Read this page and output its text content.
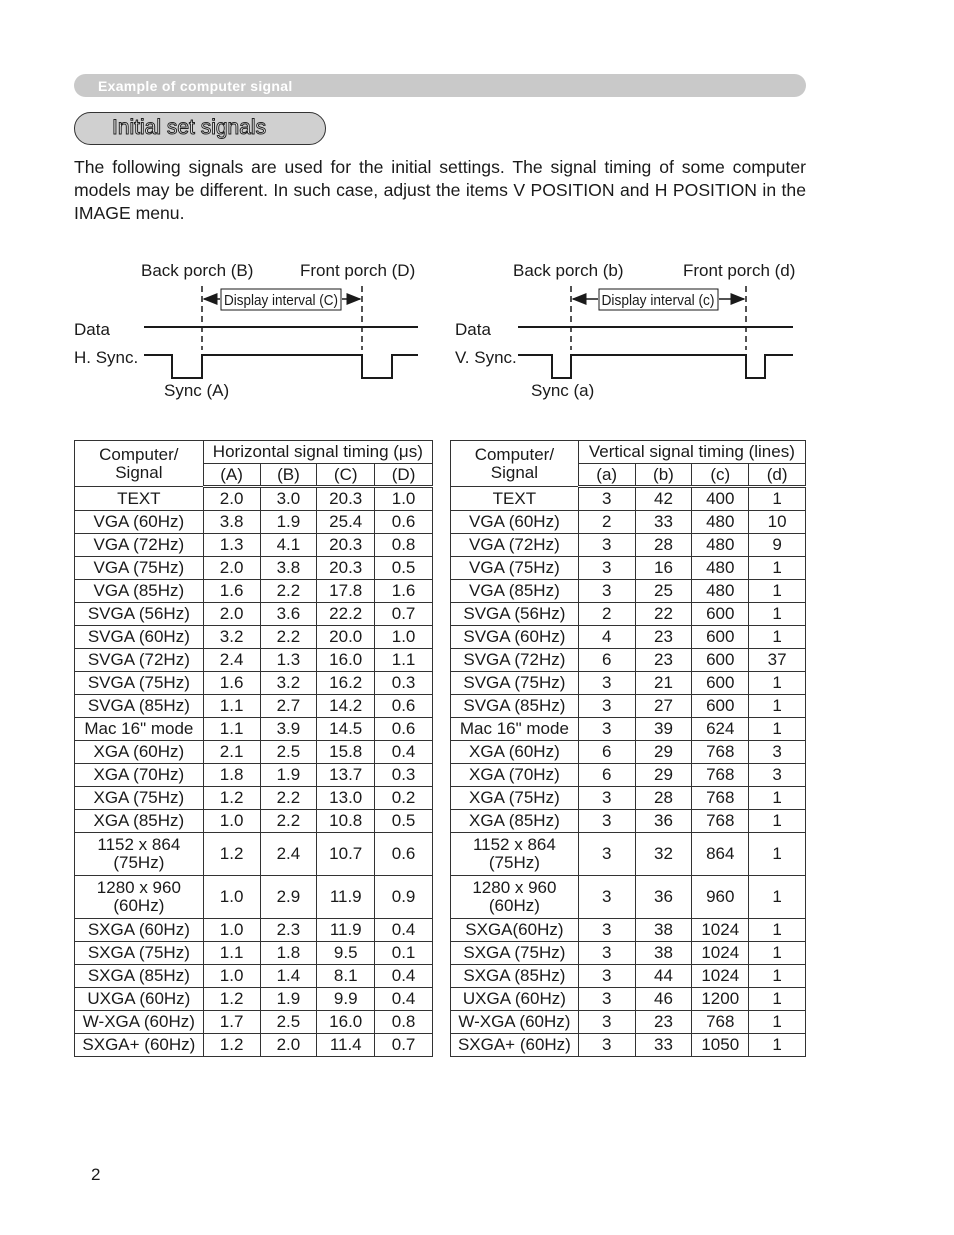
Example of computer signal
Initial set signals

The following signals are used for the initial settings. The signal timing of some computer models may be different. In such case, adjust the items V POSITION and H POSITION in the IMAGE menu.

Back porch (B)	Front porch (D)
Display interval (C)
Data
H. Sync.
Sync (A)
Back porch (b)	Front porch (d)
Display interval (c)
Data
V. Sync.
Sync (a)
Computer/
Signal	Horizontal signal timing (μs)			
	(A)	(B)	(C)	(D)

TEXT	2.0	3.0	20.3	1.0

VGA (60Hz)	3.8	1.9	25.4	0.6

VGA (72Hz)	1.3	4.1	20.3	0.8

VGA (75Hz)	2.0	3.8	20.3	0.5

VGA (85Hz)	1.6	2.2	17.8	1.6

SVGA (56Hz)	2.0	3.6	22.2	0.7

SVGA (60Hz)	3.2	2.2	20.0	1.0

SVGA (72Hz)	2.4	1.3	16.0	1.1

SVGA (75Hz)	1.6	3.2	16.2	0.3

SVGA (85Hz)	1.1	2.7	14.2	0.6

Mac 16" mode	1.1	3.9	14.5	0.6

XGA (60Hz)	2.1	2.5	15.8	0.4

XGA (70Hz)	1.8	1.9	13.7	0.3

XGA (75Hz)	1.2	2.2	13.0	0.2

XGA (85Hz)	1.0	2.2	10.8	0.5

1152 x 864
(75Hz)	1.2	2.4	10.7	0.6

1280 x 960
(60Hz)	1.0	2.9	11.9	0.9

SXGA (60Hz)	1.0	2.3	11.9	0.4

SXGA (75Hz)	1.1	1.8	9.5	0.1

SXGA (85Hz)	1.0	1.4	8.1	0.4

UXGA (60Hz)	1.2	1.9	9.9	0.4

W-XGA (60Hz)	1.7	2.5	16.0	0.8

SXGA+ (60Hz)	1.2	2.0	11.4	0.7
Computer/
Signal	Vertical signal timing (lines)			
	(a)	(b)	(c)	(d)

TEXT	3	42	400	1

VGA (60Hz)	2	33	480	10

VGA (72Hz)	3	28	480	9

VGA (75Hz)	3	16	480	1

VGA (85Hz)	3	25	480	1

SVGA (56Hz)	2	22	600	1

SVGA (60Hz)	4	23	600	1

SVGA (72Hz)	6	23	600	37

SVGA (75Hz)	3	21	600	1

SVGA (85Hz)	3	27	600	1

Mac 16" mode	3	39	624	1

XGA (60Hz)	6	29	768	3

XGA (70Hz)	6	29	768	3

XGA (75Hz)	3	28	768	1

XGA (85Hz)	3	36	768	1

1152 x 864
(75Hz)	3	32	864	1

1280 x 960
(60Hz)	3	36	960	1

SXGA(60Hz)	3	38	1024	1

SXGA (75Hz)	3	38	1024	1

SXGA (85Hz)	3	44	1024	1

UXGA (60Hz)	3	46	1200	1

W-XGA (60Hz)	3	23	768	1

SXGA+ (60Hz)	3	33	1050	1
2
